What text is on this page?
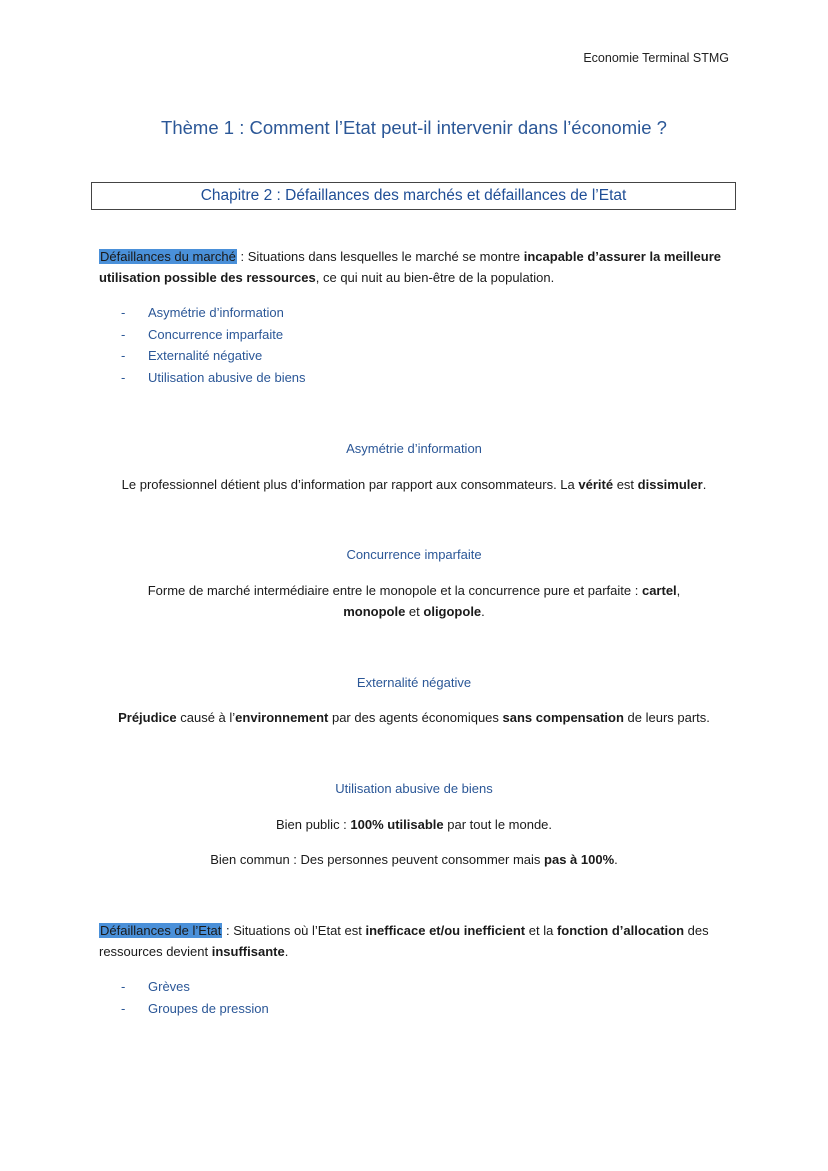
Economie Terminal STMG
Thème 1 : Comment l’Etat peut-il intervenir dans l’économie ?
Chapitre 2 : Défaillances des marchés et défaillances de l’Etat
Défaillances du marché : Situations dans lesquelles le marché se montre incapable d’assurer la meilleure utilisation possible des ressources, ce qui nuit au bien-être de la population.
- Asymétrie d’information
- Concurrence imparfaite
- Externalité négative
- Utilisation abusive de biens
Asymétrie d’information
Le professionnel détient plus d’information par rapport aux consommateurs. La vérité est dissimuler.
Concurrence imparfaite
Forme de marché intermédiaire entre le monopole et la concurrence pure et parfaite : cartel,
monopole et oligopole.
Externalité négative
Préjudice causé à l’environnement par des agents économiques sans compensation de leurs parts.
Utilisation abusive de biens
Bien public : 100% utilisable par tout le monde.
Bien commun : Des personnes peuvent consommer mais pas à 100%.
Défaillances de l’Etat : Situations où l’Etat est inefficace et/ou inefficient et la fonction d’allocation des ressources devient insuffisante.
- Grèves
- Groupes de pression
